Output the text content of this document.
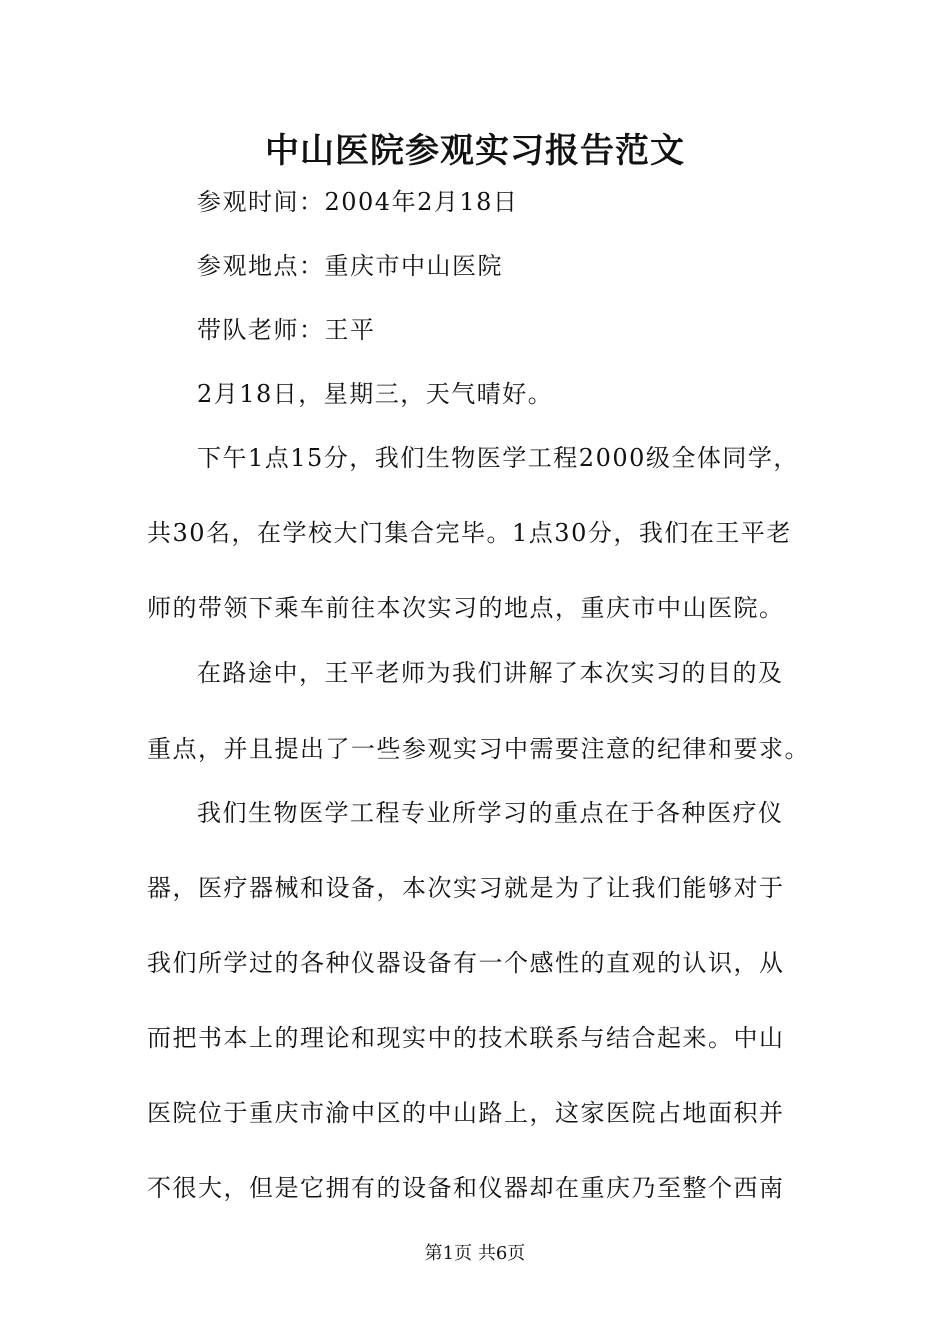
中山医院参观实习报告范文
参观时间：2004年2月18日
参观地点：重庆市中山医院
带队老师：王平
2月18日，星期三，天气晴好。
下午1点15分，我们生物医学工程2000级全体同学，
共30名，在学校大门集合完毕。1点30分，我们在王平老
师的带领下乘车前往本次实习的地点，重庆市中山医院。
在路途中，王平老师为我们讲解了本次实习的目的及
重点，并且提出了一些参观实习中需要注意的纪律和要求。
我们生物医学工程专业所学习的重点在于各种医疗仪
器，医疗器械和设备，本次实习就是为了让我们能够对于
我们所学过的各种仪器设备有一个感性的直观的认识，从
而把书本上的理论和现实中的技术联系与结合起来。中山
医院位于重庆市渝中区的中山路上，这家医院占地面积并
不很大，但是它拥有的设备和仪器却在重庆乃至整个西南
第1页 共6页
